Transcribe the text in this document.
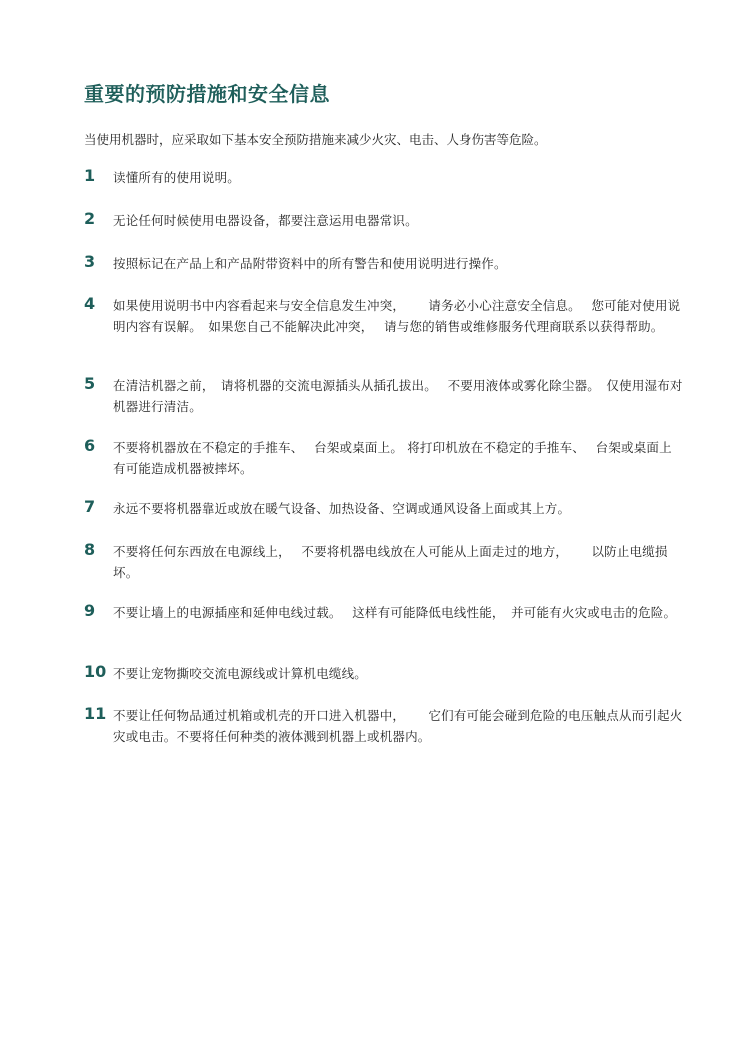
重要的预防措施和安全信息
当使用机器时，应采取如下基本安全预防措施来减少火灾、电击、人身伤害等危险。
1 读懂所有的使用说明。
2 无论任何时候使用电器设备，都要注意运用电器常识。
3 按照标记在产品上和产品附带资料中的所有警告和使用说明进行操作。
4 如果使用说明书中内容看起来与安全信息发生冲突，　　 请务必小心注意安全信息。　 您可能对使用说明内容有误解。　如果您自己不能解决此冲突，　 请与您的销售或维修服务代理商联系以获得帮助。
5 在清洁机器之前，　请将机器的交流电源插头从插孔拔出。　 不要用液体或雾化除尘器。　仅使用湿布对机器进行清洁。
6 不要将机器放在不稳定的手推车、　 台架或桌面上。 将打印机放在不稳定的手推车、　 台架或桌面上有可能造成机器被摔坏。
7 永远不要将机器靠近或放在暖气设备、加热设备、空调或通风设备上面或其上方。
8 不要将任何东西放在电源线上，　 不要将机器电线放在人可能从上面走过的地方，　　 以防止电缆损坏。
9 不要让墙上的电源插座和延伸电线过载。　 这样有可能降低电线性能，　并可能有火灾或电击的危险。
10 不要让宠物撕咬交流电源线或计算机电缆线。
11 不要让任何物品通过机箱或机壳的开口进入机器中，　　 它们有可能会碰到危险的电压触点从而引起火灾或电击。不要将任何种类的液体溅到机器上或机器内。
